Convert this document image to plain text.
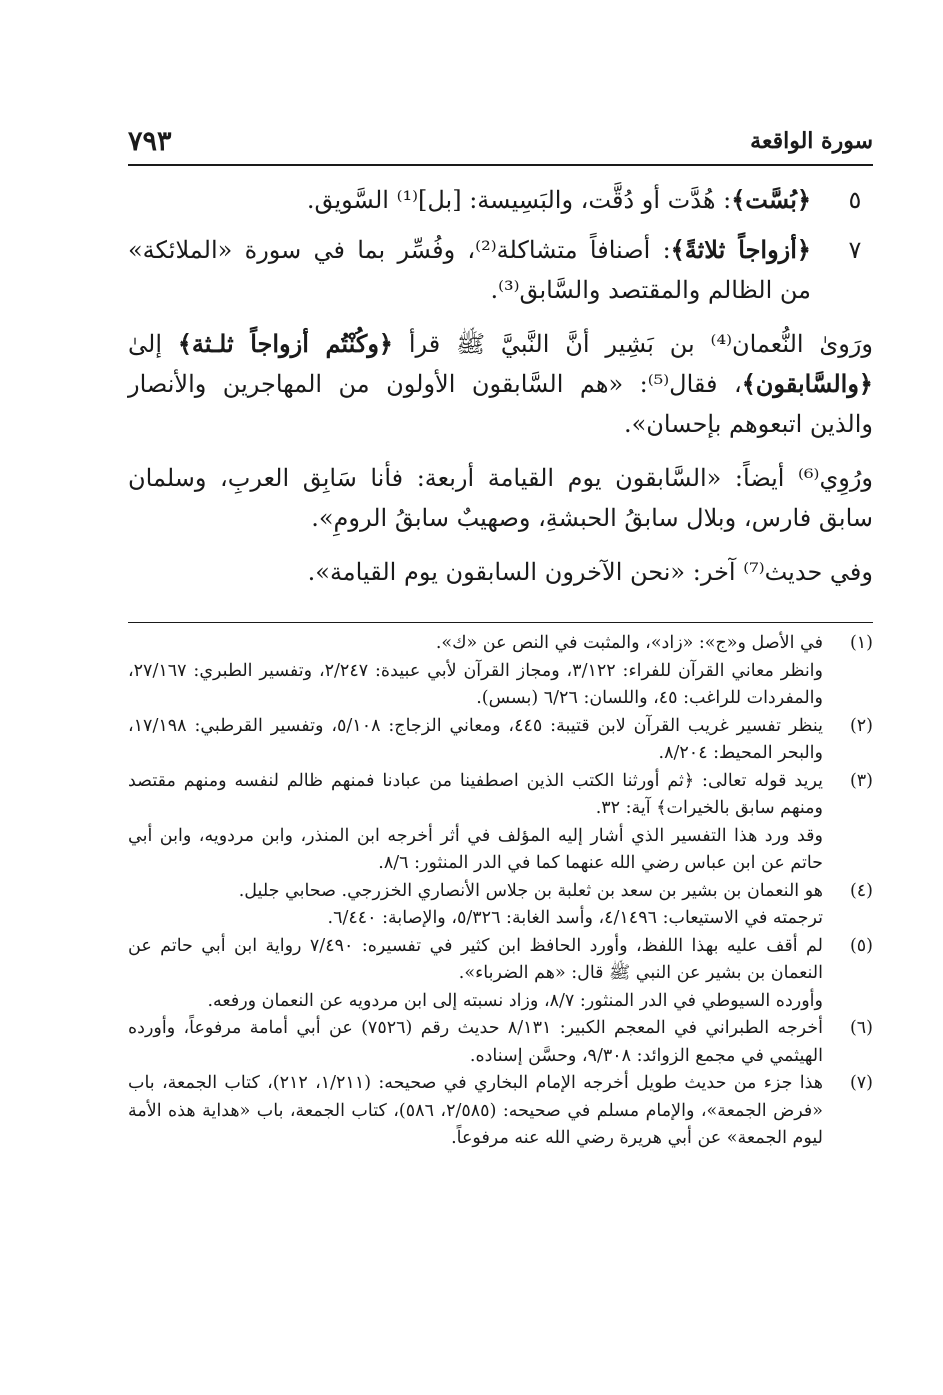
سورة الواقعة
٧٩٣
٥
﴿بُسَّت﴾: هُدَّت أو دُقَّت، والبَسِيسة: [بل]⁽¹⁾ السَّويق.
٧
﴿أزواجاً ثلاثةً﴾: أصنافاً متشاكلة⁽²⁾، وفُسِّر بما في سورة «الملائكة» من الظالم والمقتصد والسَّابق⁽³⁾.
ورَوىٰ النُّعمان⁽⁴⁾ بن بَشِير أنَّ النَّبيَّ ﷺ قرأ ﴿وكُنْتُم أزواجاً ثلـثة﴾ إلىٰ ﴿والسَّابقون﴾، فقال⁽⁵⁾: «هم السَّابقون الأولون من المهاجرين والأنصار والذين اتبعوهم بإحسان».
ورُوِي⁽⁶⁾ أيضاً: «السَّابقون يوم القيامة أربعة: فأنا سَابِق العربِ، وسلمان سابق فارس، وبلال سابقُ الحبشةِ، وصهيبٌ سابقُ الرومِ».
وفي حديث⁽⁷⁾ آخر: «نحن الآخرون السابقون يوم القيامة».
(١)
في الأصل و«ج»: «زاد»، والمثبت في النص عن «ك».
وانظر معاني القرآن للفراء: ٣/١٢٢، ومجاز القرآن لأبي عبيدة: ٢/٢٤٧، وتفسير الطبري: ٢٧/١٦٧، والمفردات للراغب: ٤٥، واللسان: ٦/٢٦ (بسس).
(٢)
ينظر تفسير غريب القرآن لابن قتيبة: ٤٤٥، ومعاني الزجاج: ٥/١٠٨، وتفسير القرطبي: ١٧/١٩٨، والبحر المحيط: ٨/٢٠٤.
(٣)
يريد قوله تعالى: ﴿ثم أورثنا الكتب الذين اصطفينا من عبادنا فمنهم ظالم لنفسه ومنهم مقتصد ومنهم سابق بالخيرات﴾ آية: ٣٢.
وقد ورد هذا التفسير الذي أشار إليه المؤلف في أثر أخرجه ابن المنذر، وابن مردويه، وابن أبي حاتم عن ابن عباس رضي الله عنهما كما في الدر المنثور: ٨/٦.
(٤)
هو النعمان بن بشير بن سعد بن ثعلبة بن جلاس الأنصاري الخزرجي. صحابي جليل.
ترجمته في الاستيعاب: ٤/١٤٩٦، وأسد الغابة: ٥/٣٢٦، والإصابة: ٦/٤٤٠.
(٥)
لم أقف عليه بهذا اللفظ، وأورد الحافظ ابن كثير في تفسيره: ٧/٤٩٠ رواية ابن أبي حاتم عن النعمان بن بشير عن النبي ﷺ قال: «هم الضرباء».
وأورده السيوطي في الدر المنثور: ٨/٧، وزاد نسبته إلى ابن مردويه عن النعمان ورفعه.
(٦)
أخرجه الطبراني في المعجم الكبير: ٨/١٣١ حديث رقم (٧٥٢٦) عن أبي أمامة مرفوعاً، وأورده الهيثمي في مجمع الزوائد: ٩/٣٠٨، وحسَّن إسناده.
(٧)
هذا جزء من حديث طويل أخرجه الإمام البخاري في صحيحه: (١/٢١١، ٢١٢)، كتاب الجمعة، باب «فرض الجمعة»، والإمام مسلم في صحيحه: (٢/٥٨٥، ٥٨٦)، كتاب الجمعة، باب «هداية هذه الأمة ليوم الجمعة» عن أبي هريرة رضي الله عنه مرفوعاً.
